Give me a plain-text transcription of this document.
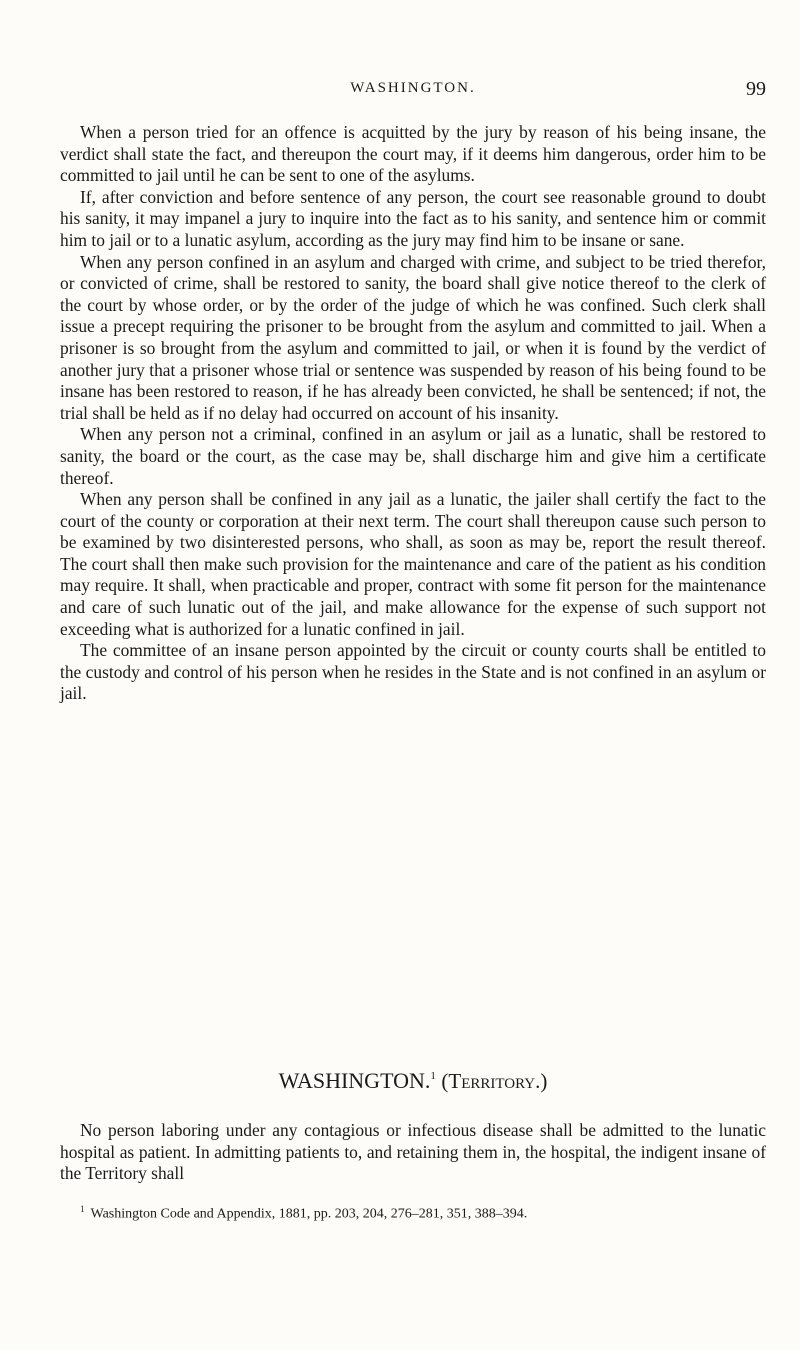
WASHINGTON.	99

When a person tried for an offence is acquitted by the jury by reason of his being insane, the verdict shall state the fact, and thereupon the court may, if it deems him dangerous, order him to be committed to jail until he can be sent to one of the asylums.

If, after conviction and before sentence of any person, the court see reasonable ground to doubt his sanity, it may impanel a jury to inquire into the fact as to his sanity, and sentence him or commit him to jail or to a lunatic asylum, according as the jury may find him to be insane or sane.

When any person confined in an asylum and charged with crime, and subject to be tried therefor, or convicted of crime, shall be restored to sanity, the board shall give notice thereof to the clerk of the court by whose order, or by the order of the judge of which he was confined. Such clerk shall issue a precept requiring the prisoner to be brought from the asylum and committed to jail. When a prisoner is so brought from the asylum and committed to jail, or when it is found by the verdict of another jury that a prisoner whose trial or sentence was suspended by reason of his being found to be insane has been restored to reason, if he has already been convicted, he shall be sentenced; if not, the trial shall be held as if no delay had occurred on account of his insanity.

When any person not a criminal, confined in an asylum or jail as a lunatic, shall be restored to sanity, the board or the court, as the case may be, shall discharge him and give him a certificate thereof.

When any person shall be confined in any jail as a lunatic, the jailer shall certify the fact to the court of the county or corporation at their next term. The court shall thereupon cause such person to be examined by two disinterested persons, who shall, as soon as may be, report the result thereof. The court shall then make such provision for the maintenance and care of the patient as his condition may require. It shall, when practicable and proper, contract with some fit person for the maintenance and care of such lunatic out of the jail, and make allowance for the expense of such support not exceeding what is authorized for a lunatic confined in jail.

The committee of an insane person appointed by the circuit or county courts shall be entitled to the custody and control of his person when he resides in the State and is not confined in an asylum or jail.

WASHINGTON.$^1$ (Territory.)

No person laboring under any contagious or infectious disease shall be admitted to the lunatic hospital as patient. In admitting patients to, and retaining them in, the hospital, the indigent insane of the Territory shall

$^1$ Washington Code and Appendix, 1881, pp. 203, 204, 276–281, 351, 388–394.
